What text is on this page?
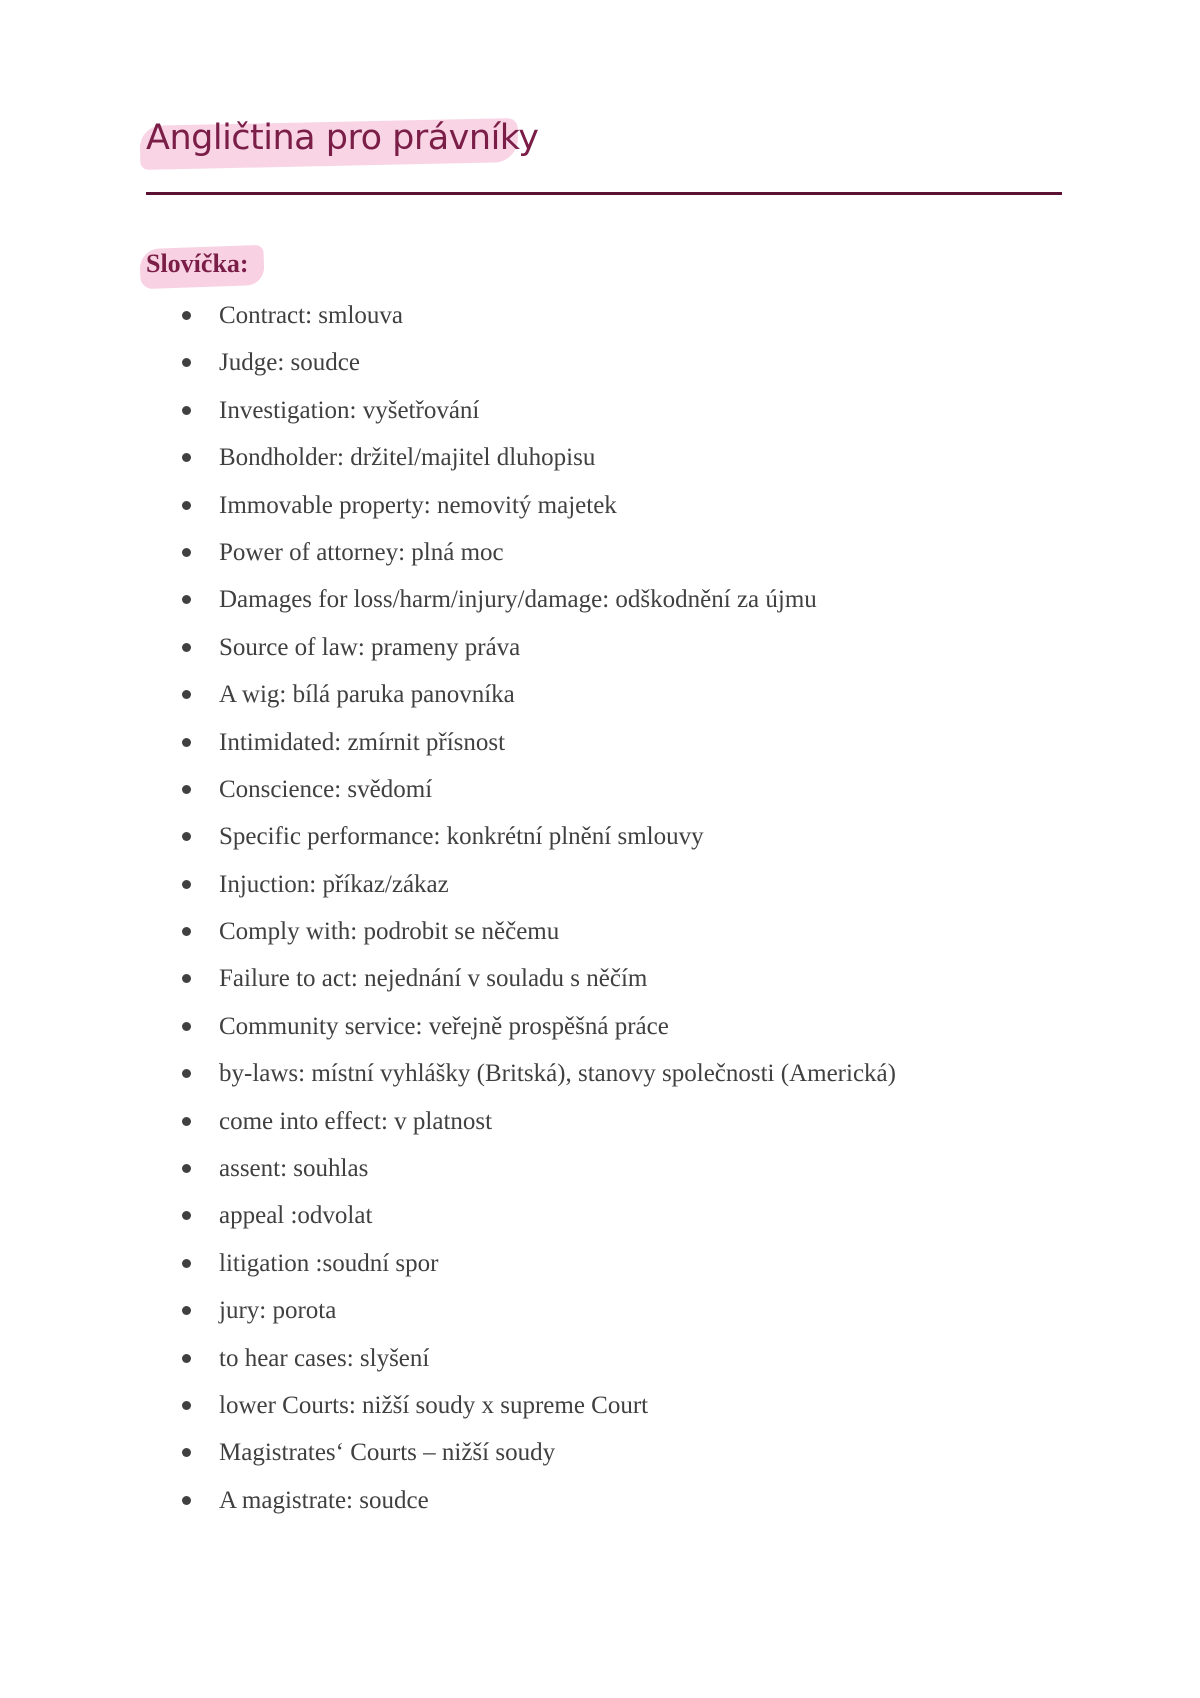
Angličtina pro právníky
Slovíčka:
Contract: smlouva
Judge: soudce
Investigation: vyšetřování
Bondholder: držitel/majitel dluhopisu
Immovable property: nemovitý majetek
Power of attorney: plná moc
Damages for loss/harm/injury/damage: odškodnění za újmu
Source of law: prameny práva
A wig: bílá paruka panovníka
Intimidated: zmírnit přísnost
Conscience: svědomí
Specific performance: konkrétní plnění smlouvy
Injuction: příkaz/zákaz
Comply with: podrobit se něčemu
Failure to act: nejednání v souladu s něčím
Community service: veřejně prospěšná práce
by-laws: místní vyhlášky (Britská), stanovy společnosti (Americká)
come into effect: v platnost
assent: souhlas
appeal :odvolat
litigation :soudní spor
jury: porota
to hear cases: slyšení
lower Courts: nižší soudy x supreme Court
Magistrates‘ Courts – nižší soudy
A magistrate: soudce
